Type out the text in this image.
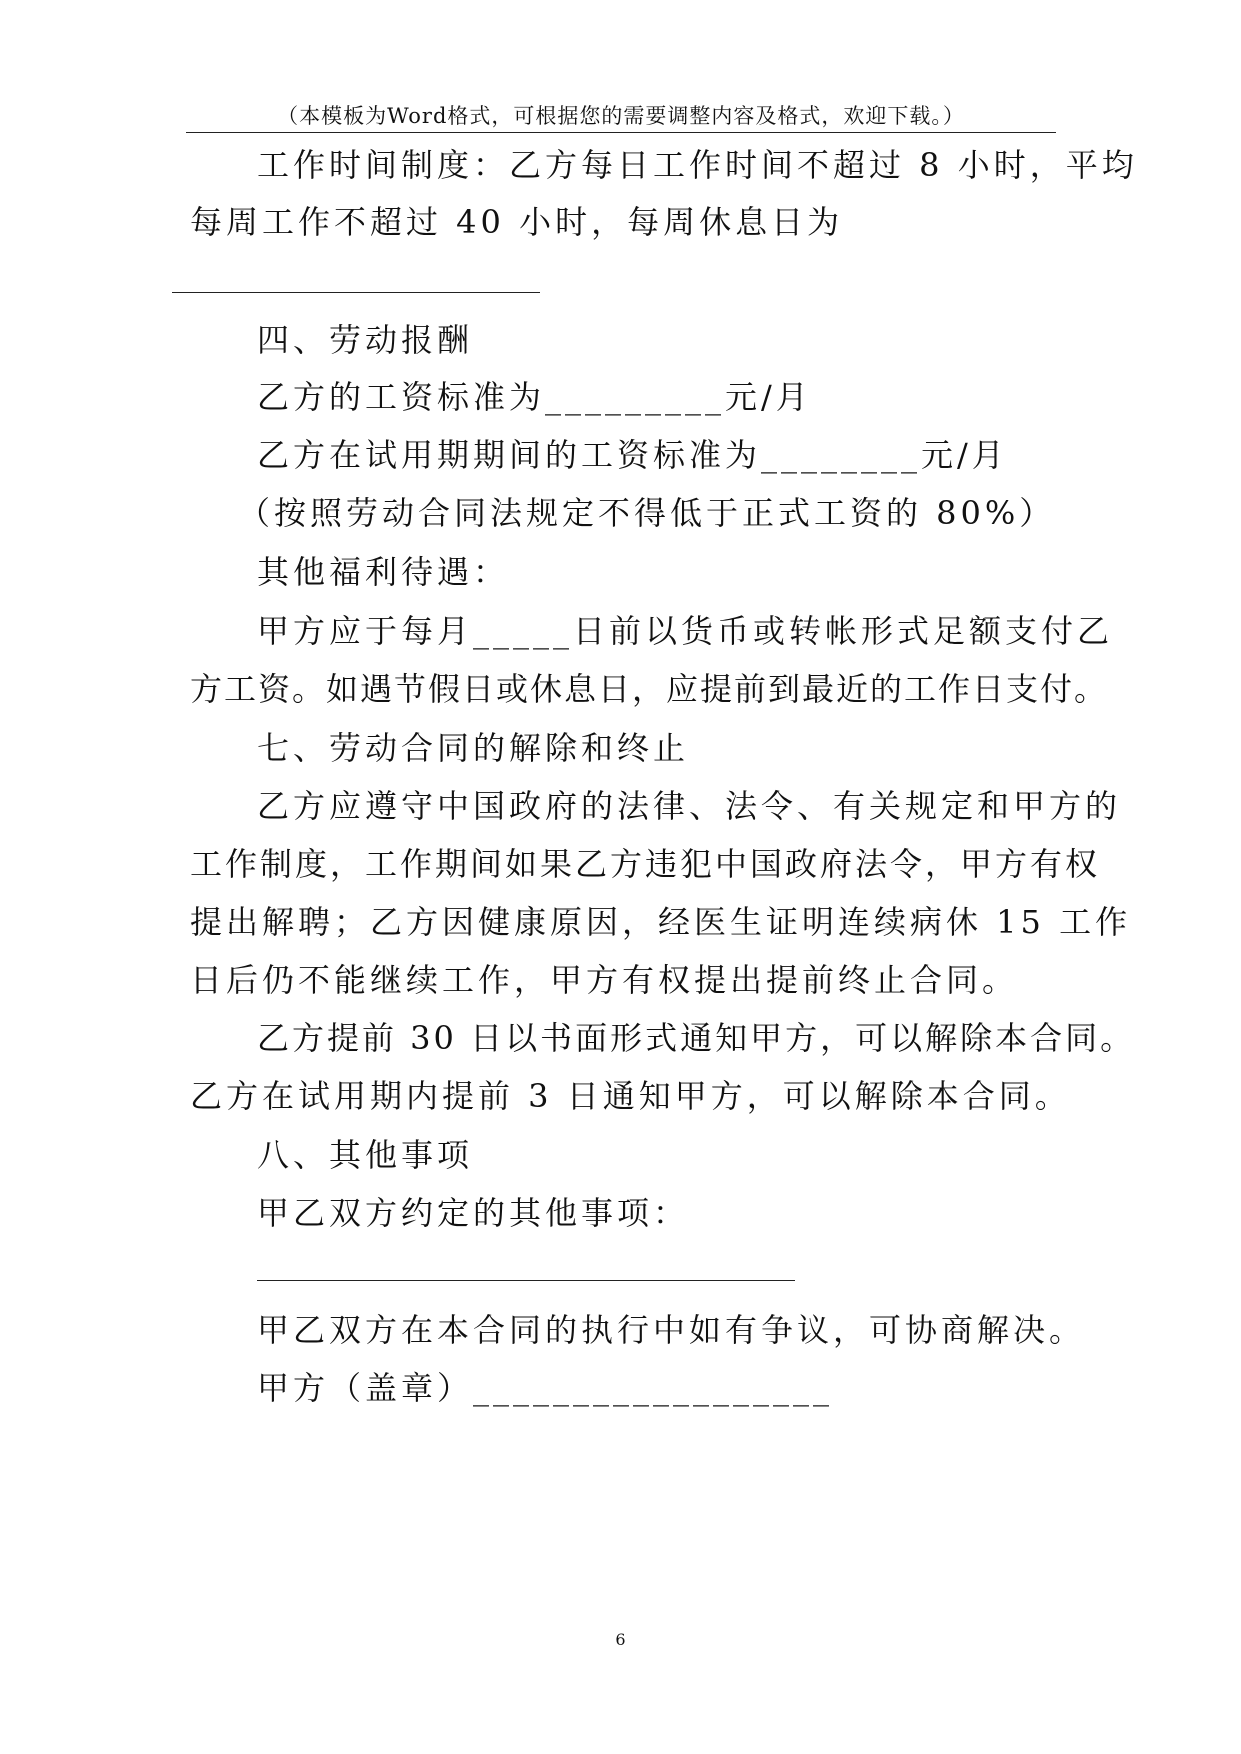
（本模板为Word格式，可根据您的需要调整内容及格式，欢迎下载。）
工作时间制度：乙方每日工作时间不超过 8 小时，平均
每周工作不超过 40 小时，每周休息日为
四、劳动报酬
乙方的工资标准为_________元/月
乙方在试用期期间的工资标准为________元/月
（按照劳动合同法规定不得低于正式工资的 80%）
其他福利待遇：
甲方应于每月_____日前以货币或转帐形式足额支付乙
方工资。如遇节假日或休息日，应提前到最近的工作日支付。
七、劳动合同的解除和终止
乙方应遵守中国政府的法律、法令、有关规定和甲方的
工作制度，工作期间如果乙方违犯中国政府法令，甲方有权
提出解聘；乙方因健康原因，经医生证明连续病休 15 工作
日后仍不能继续工作，甲方有权提出提前终止合同。
乙方提前 30 日以书面形式通知甲方，可以解除本合同。
乙方在试用期内提前 3 日通知甲方，可以解除本合同。
八、其他事项
甲乙双方约定的其他事项：
甲乙双方在本合同的执行中如有争议，可协商解决。
甲方（盖章）__________________
6
